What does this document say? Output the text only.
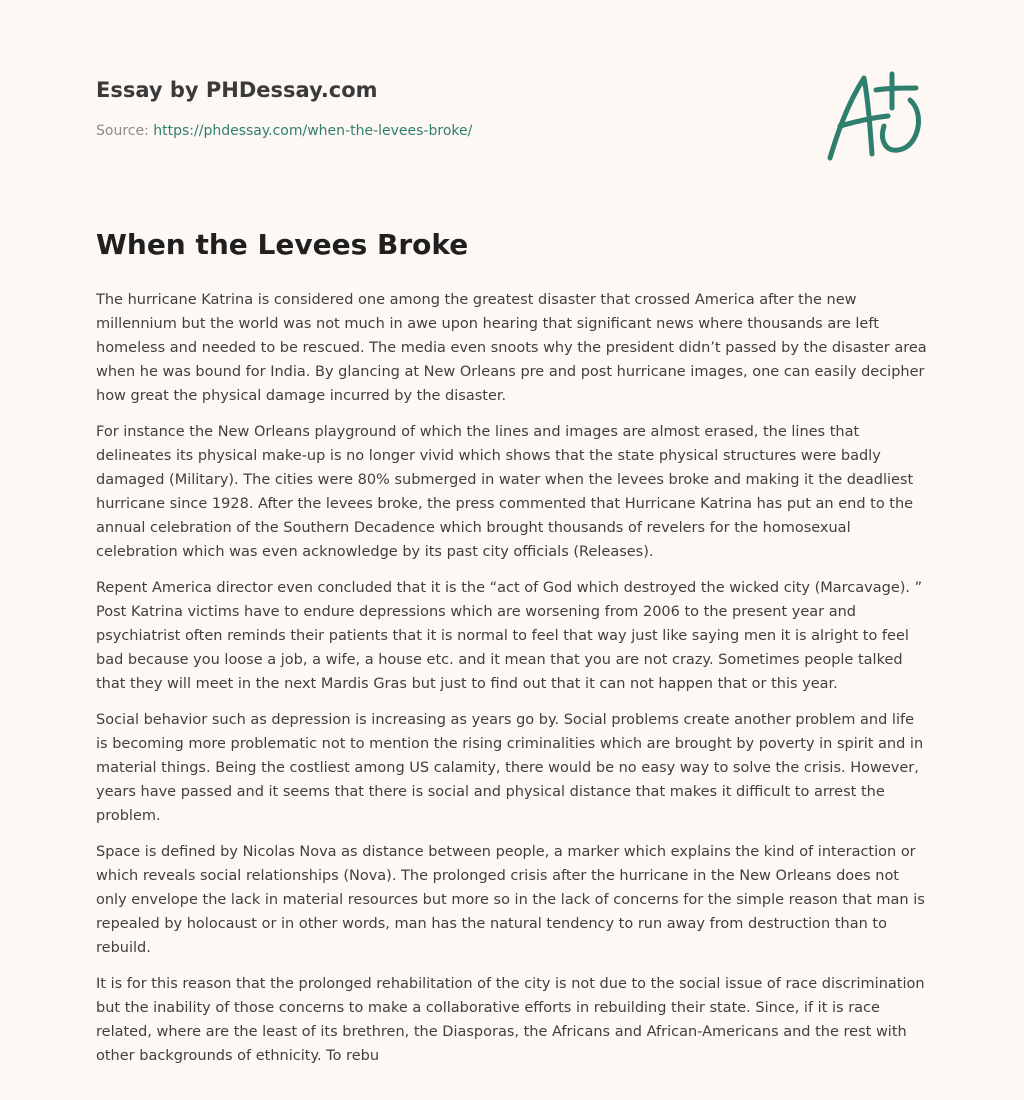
Essay by PHDessay.com
Source: https://phdessay.com/when-the-levees-broke/
When the Levees Broke

The hurricane Katrina is considered one among the greatest disaster that crossed America after the new millennium but the world was not much in awe upon hearing that significant news where thousands are left homeless and needed to be rescued. The media even snoots why the president didn’t passed by the disaster area when he was bound for India. By glancing at New Orleans pre and post hurricane images, one can easily decipher how great the physical damage incurred by the disaster.

For instance the New Orleans playground of which the lines and images are almost erased, the lines that delineates its physical make-up is no longer vivid which shows that the state physical structures were badly damaged (Military). The cities were 80% submerged in water when the levees broke and making it the deadliest hurricane since 1928. After the levees broke, the press commented that Hurricane Katrina has put an end to the annual celebration of the Southern Decadence which brought thousands of revelers for the homosexual celebration which was even acknowledge by its past city officials (Releases).

Repent America director even concluded that it is the “act of God which destroyed the wicked city (Marcavage). ” Post Katrina victims have to endure depressions which are worsening from 2006 to the present year and psychiatrist often reminds their patients that it is normal to feel that way just like saying men it is alright to feel bad because you loose a job, a wife, a house etc. and it mean that you are not crazy. Sometimes people talked that they will meet in the next Mardis Gras but just to find out that it can not happen that or this year.

Social behavior such as depression is increasing as years go by. Social problems create another problem and life is becoming more problematic not to mention the rising criminalities which are brought by poverty in spirit and in material things. Being the costliest among US calamity, there would be no easy way to solve the crisis. However, years have passed and it seems that there is social and physical distance that makes it difficult to arrest the problem.

Space is defined by Nicolas Nova as distance between people, a marker which explains the kind of interaction or which reveals social relationships (Nova). The prolonged crisis after the hurricane in the New Orleans does not only envelope the lack in material resources but more so in the lack of concerns for the simple reason that man is repealed by holocaust or in other words, man has the natural tendency to run away from destruction than to rebuild.

It is for this reason that the prolonged rehabilitation of the city is not due to the social issue of race discrimination but the inability of those concerns to make a collaborative efforts in rebuilding their state. Since, if it is race related, where are the least of its brethren, the Diasporas, the Africans and African-Americans and the rest with other backgrounds of ethnicity. To rebu
